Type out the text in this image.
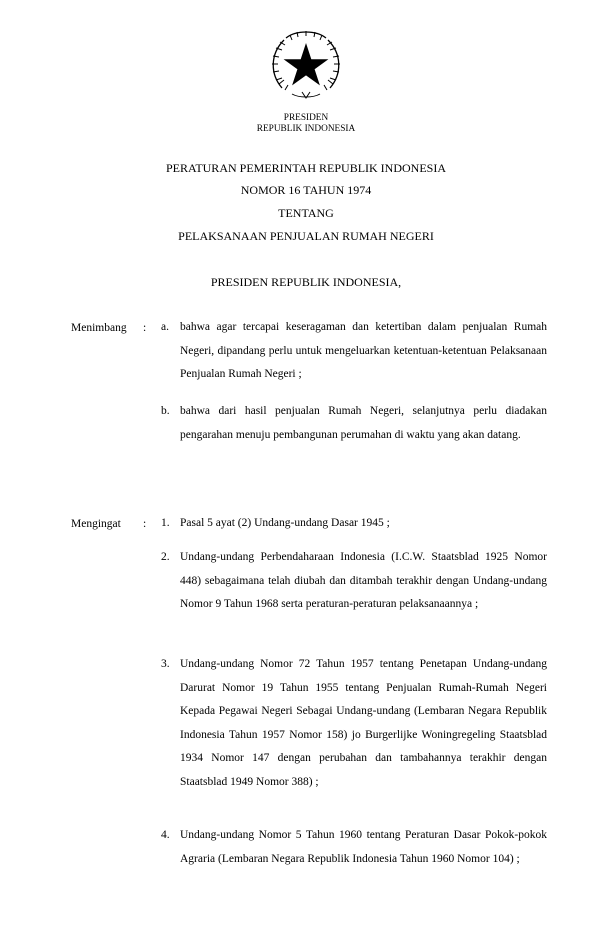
PRESIDEN
REPUBLIK INDONESIA
PERATURAN PEMERINTAH REPUBLIK INDONESIA
NOMOR 16 TAHUN 1974
TENTANG
PELAKSANAAN PENJUALAN RUMAH NEGERI
PRESIDEN REPUBLIK INDONESIA,
Menimbang : a. bahwa agar tercapai keseragaman dan ketertiban dalam penjualan Rumah Negeri, dipandang perlu untuk mengeluarkan ketentuan-ketentuan Pelaksanaan Penjualan Rumah Negeri ;
b. bahwa dari hasil penjualan Rumah Negeri, selanjutnya perlu diadakan pengarahan menuju pembangunan perumahan di waktu yang akan datang.
Mengingat : 1. Pasal 5 ayat (2) Undang-undang Dasar 1945 ;
2. Undang-undang Perbendaharaan Indonesia (I.C.W. Staatsblad 1925 Nomor 448) sebagaimana telah diubah dan ditambah terakhir dengan Undang-undang Nomor 9 Tahun 1968 serta peraturan-peraturan pelaksanaannya ;
3. Undang-undang Nomor 72 Tahun 1957 tentang Penetapan Undang-undang Darurat Nomor 19 Tahun 1955 tentang Penjualan Rumah-Rumah Negeri Kepada Pegawai Negeri Sebagai Undang-undang (Lembaran Negara Republik Indonesia Tahun 1957 Nomor 158) jo Burgerlijke Woningregeling Staatsblad 1934 Nomor 147 dengan perubahan dan tambahannya terakhir dengan Staatsblad 1949 Nomor 388) ;
4. Undang-undang Nomor 5 Tahun 1960 tentang Peraturan Dasar Pokok-pokok Agraria (Lembaran Negara Republik Indonesia Tahun 1960 Nomor 104) ;
